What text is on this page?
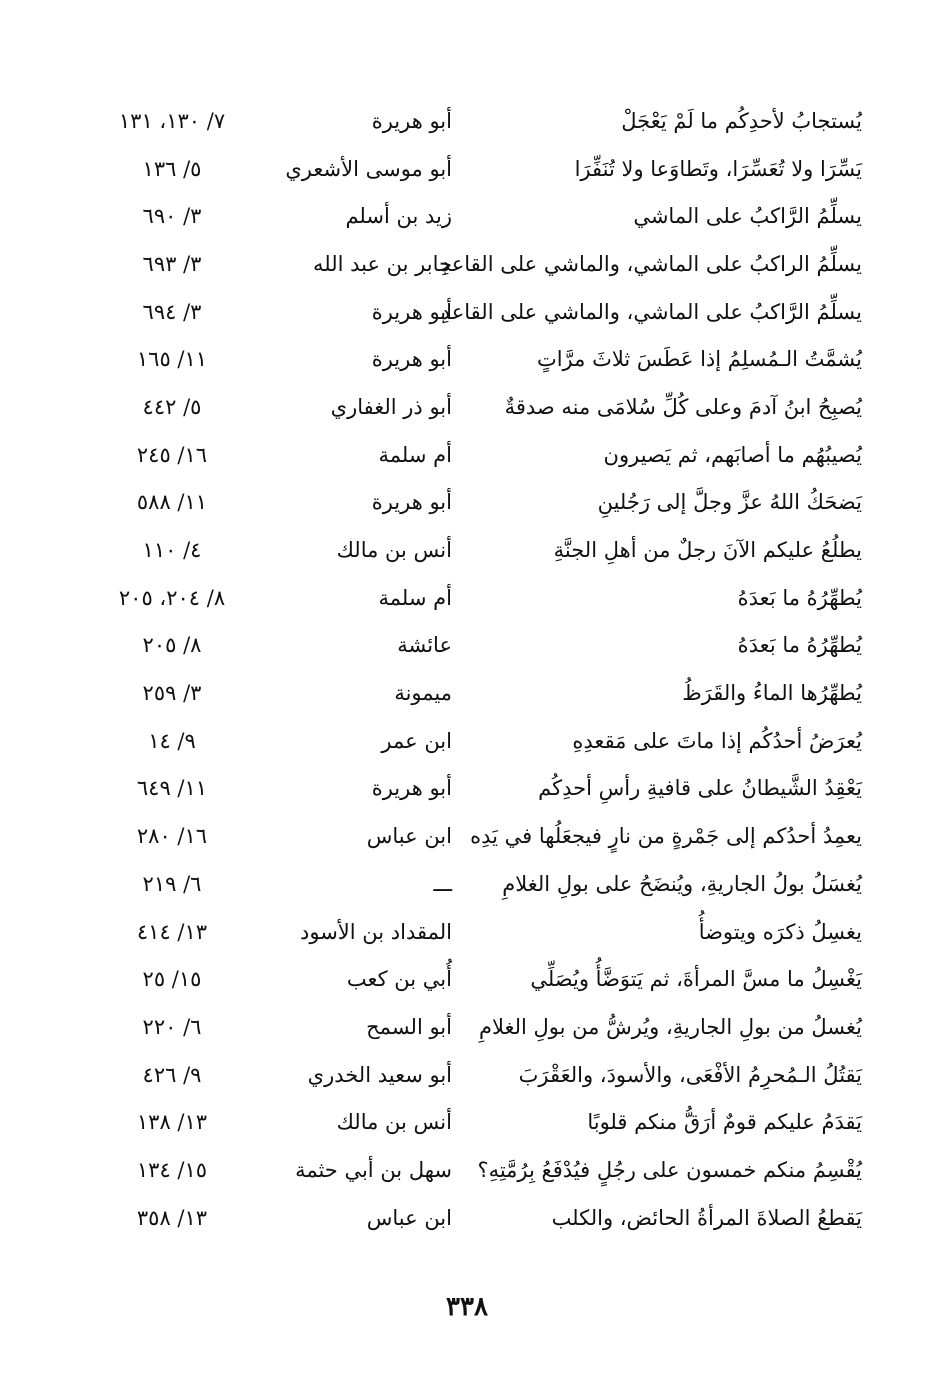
يُستجابُ لأحدِكُم ما لَمْ يَعْجَلْ
أبو هريرة
٧/ ١٣٠، ١٣١
يَسِّرَا ولا تُعَسِّرَا، وتَطاوَعا ولا تُنَفِّرَا
أبو موسى الأشعري
٥/ ١٣٦
يسلِّمُ الرَّاكبُ على الماشي
زيد بن أسلم
٣/ ٦٩٠
يسلِّمُ الراكبُ على الماشي، والماشي على القاعدِ
جابر بن عبد الله
٣/ ٦٩٣
يسلِّمُ الرَّاكبُ على الماشي، والماشي على القاعدِ
أبو هريرة
٣/ ٦٩٤
يُشمَّتُ الـمُسلِمُ إذا عَطَسَ ثلاثَ مرَّاتٍ
أبو هريرة
١١/ ١٦٥
يُصبِحُ ابنُ آدمَ وعلى كُلِّ سُلامَى منه صدقةٌ
أبو ذر الغفاري
٥/ ٤٤٢
يُصيبُهُم ما أصابَهم، ثم يَصيرون
أم سلمة
١٦/ ٢٤٥
يَضحَكُ اللهُ عزَّ وجلَّ إلى رَجُلينِ
أبو هريرة
١١/ ٥٨٨
يطلُعُ عليكم الآنَ رجلٌ من أهلِ الجنَّةِ
أنس بن مالك
٤/ ١١٠
يُطهِّرُهُ ما بَعدَهُ
أم سلمة
٨/ ٢٠٤، ٢٠٥
يُطهِّرُهُ ما بَعدَهُ
عائشة
٨/ ٢٠٥
يُطهِّرُها الماءُ والقَرَظُ
ميمونة
٣/ ٢٥٩
يُعرَضُ أحدُكُم إذا ماتَ على مَقعدِهِ
ابن عمر
٩/ ١٤
يَعْقِدُ الشَّيطانُ على قافيةِ رأسِ أحدِكُم
أبو هريرة
١١/ ٦٤٩
يعمِدُ أحدُكم إلى جَمْرةٍ من نارٍ فيجعَلُها في يَدِه
ابن عباس
١٦/ ٢٨٠
يُغسَلُ بولُ الجاريةِ، ويُنضَحُ على بولِ الغلامِ
ـــ
٦/ ٢١٩
يغسِلُ ذكرَه ويتوضأُ
المقداد بن الأسود
١٣/ ٤١٤
يَغْسِلُ ما مسَّ المرأةَ، ثم يَتوَضَّأُ ويُصَلِّي
أُبي بن كعب
١٥/ ٢٥
يُغسلُ من بولِ الجاريةِ، ويُرشُّ من بولِ الغلامِ
أبو السمح
٦/ ٢٢٠
يَقتُلُ الـمُحرِمُ الأفْعَى، والأسودَ، والعَقْرَبَ
أبو سعيد الخدري
٩/ ٤٢٦
يَقدَمُ عليكم قومٌ أرَقُّ منكم قلوبًا
أنس بن مالك
١٣/ ١٣٨
يُقْسِمُ منكم خمسون على رجُلٍ فيُدْفَعُ بِرُمَّتِهِ؟
سهل بن أبي حثمة
١٥/ ١٣٤
يَقطعُ الصلاةَ المرأةُ الحائض، والكلب
ابن عباس
١٣/ ٣٥٨
٣٣٨
